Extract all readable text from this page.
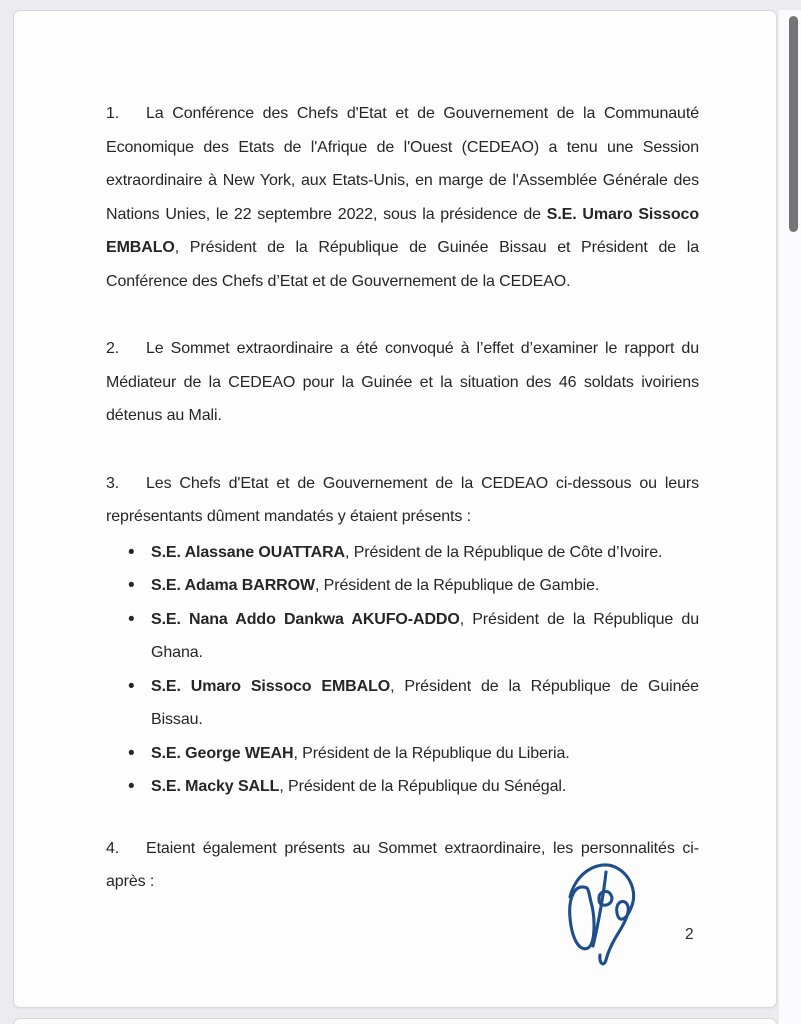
1. La Conférence des Chefs d'Etat et de Gouvernement de la Communauté Economique des Etats de l'Afrique de l'Ouest (CEDEAO) a tenu une Session extraordinaire à New York, aux Etats-Unis, en marge de l'Assemblée Générale des Nations Unies, le 22 septembre 2022, sous la présidence de S.E. Umaro Sissoco EMBALO, Président de la République de Guinée Bissau et Président de la Conférence des Chefs d’Etat et de Gouvernement de la CEDEAO.

2. Le Sommet extraordinaire a été convoqué à l’effet d’examiner le rapport du Médiateur de la CEDEAO pour la Guinée et la situation des 46 soldats ivoiriens détenus au Mali.

3. Les Chefs d'Etat et de Gouvernement de la CEDEAO ci-dessous ou leurs représentants dûment mandatés y étaient présents :

• S.E. Alassane OUATTARA, Président de la République de Côte d’Ivoire.
• S.E. Adama BARROW, Président de la République de Gambie.
• S.E. Nana Addo Dankwa AKUFO-ADDO, Président de la République du Ghana.
• S.E. Umaro Sissoco EMBALO, Président de la République de Guinée Bissau.
• S.E. George WEAH, Président de la République du Liberia.
• S.E. Macky SALL, Président de la République du Sénégal.

4. Etaient également présents au Sommet extraordinaire, les personnalités ci-après :

2
